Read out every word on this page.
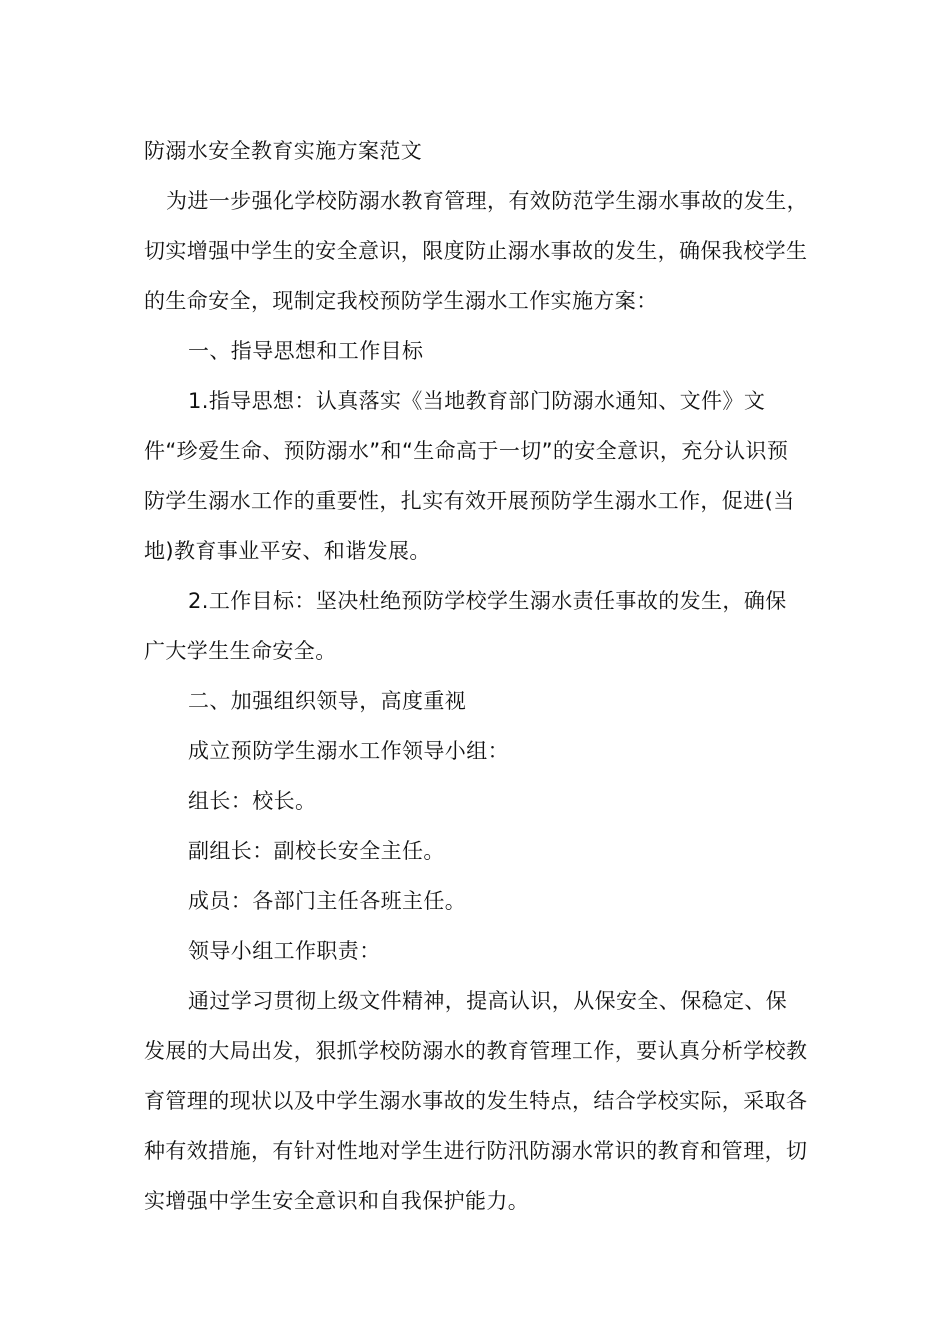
防溺水安全教育实施方案范文

为进一步强化学校防溺水教育管理，有效防范学生溺水事故的发生，切实增强中学生的安全意识，限度防止溺水事故的发生，确保我校学生的生命安全，现制定我校预防学生溺水工作实施方案：

一、指导思想和工作目标

1.指导思想：认真落实《当地教育部门防溺水通知、文件》文件“珍爱生命、预防溺水”和“生命高于一切”的安全意识，充分认识预防学生溺水工作的重要性，扎实有效开展预防学生溺水工作，促进(当地)教育事业平安、和谐发展。

2.工作目标：坚决杜绝预防学校学生溺水责任事故的发生，确保广大学生生命安全。

二、加强组织领导，高度重视

成立预防学生溺水工作领导小组：

组长：校长。

副组长：副校长安全主任。

成员：各部门主任各班主任。

领导小组工作职责：

通过学习贯彻上级文件精神，提高认识，从保安全、保稳定、保发展的大局出发，狠抓学校防溺水的教育管理工作，要认真分析学校教育管理的现状以及中学生溺水事故的发生特点，结合学校实际，采取各种有效措施，有针对性地对学生进行防汛防溺水常识的教育和管理，切实增强中学生安全意识和自我保护能力。
